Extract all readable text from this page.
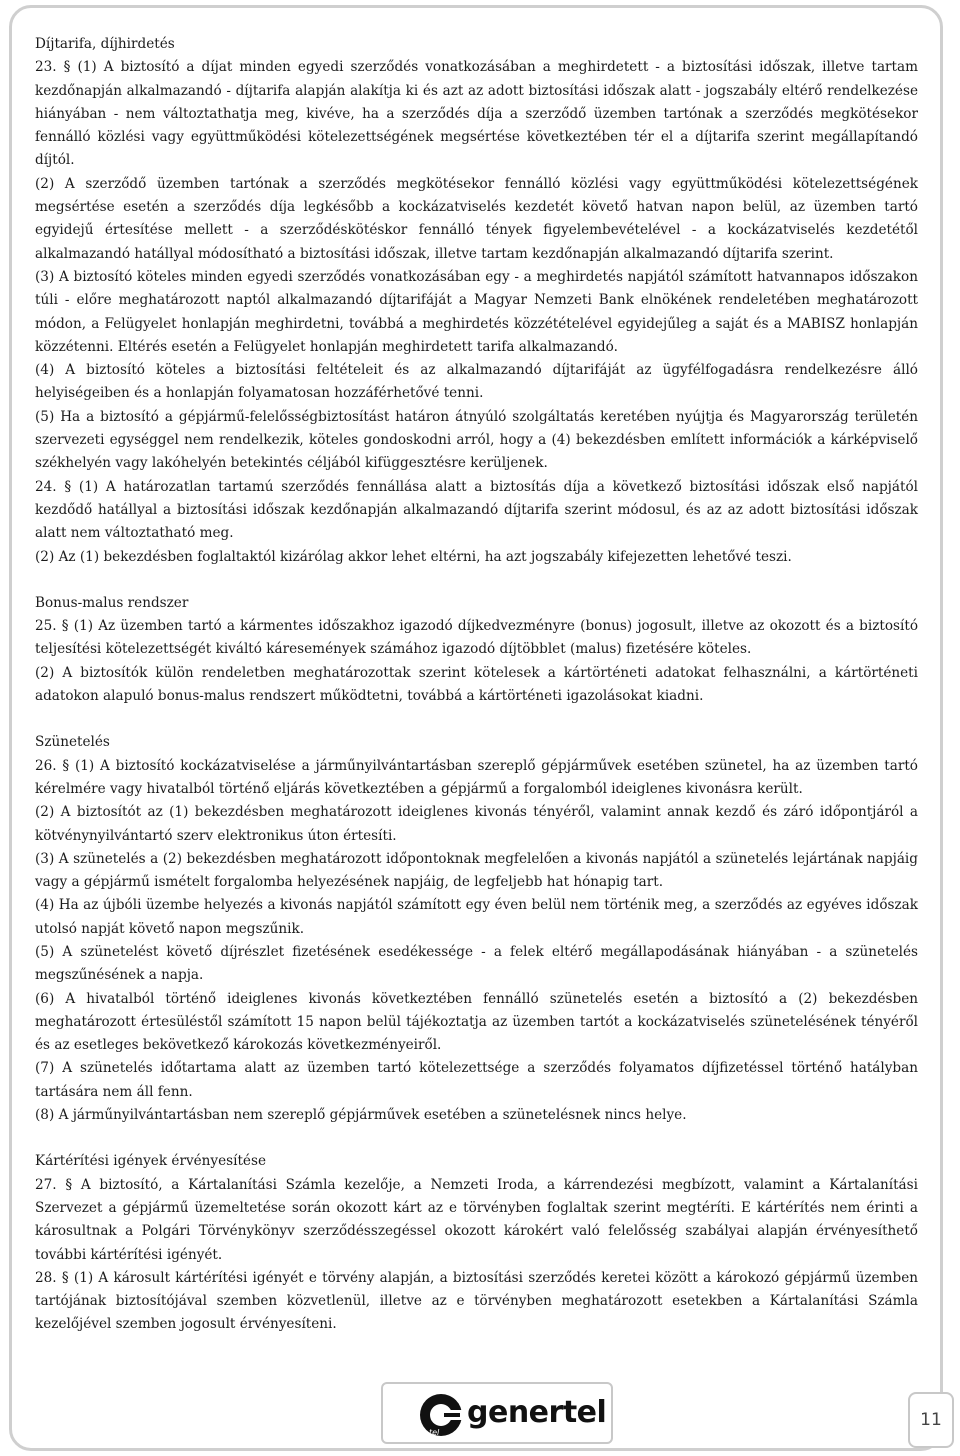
Díjtarifa, díjhirdetés

23. § (1) A biztosító a díjat minden egyedi szerződés vonatkozásában a meghirdetett - a biztosítási időszak, illetve tartam kezdőnapján alkalmazandó - díjtarifa alapján alakítja ki és azt az adott biztosítási időszak alatt - jogszabály eltérő rendelkezése hiányában - nem változtathatja meg, kivéve, ha a szerződés díja a szerződő üzemben tartónak a szerződés megkötésekor fennálló közlési vagy együttműködési kötelezettségének megsértése következtében tér el a díjtarifa szerint megállapítandó díjtól.

(2) A szerződő üzemben tartónak a szerződés megkötésekor fennálló közlési vagy együttműködési kötelezettségének megsértése esetén a szerződés díja legkésőbb a kockázatviselés kezdetét követő hatvan napon belül, az üzemben tartó egyidejű értesítése mellett - a szerződéskötéskor fennálló tények figyelembevételével - a kockázatviselés kezdetétől alkalmazandó hatállyal módosítható a biztosítási időszak, illetve tartam kezdőnapján alkalmazandó díjtarifa szerint.

(3) A biztosító köteles minden egyedi szerződés vonatkozásában egy - a meghirdetés napjától számított hatvannapos időszakon túli - előre meghatározott naptól alkalmazandó díjtarifáját a Magyar Nemzeti Bank elnökének rendeletében meghatározott módon, a Felügyelet honlapján meghirdetni, továbbá a meghirdetés közzétételével egyidejűleg a saját és a MABISZ honlapján közzétenni. Eltérés esetén a Felügyelet honlapján meghirdetett tarifa alkalmazandó.

(4) A biztosító köteles a biztosítási feltételeit és az alkalmazandó díjtarifáját az ügyfélfogadásra rendelkezésre álló helyiségeiben és a honlapján folyamatosan hozzáférhetővé tenni.

(5) Ha a biztosító a gépjármű-felelősségbiztosítást határon átnyúló szolgáltatás keretében nyújtja és Magyarország területén szervezeti egységgel nem rendelkezik, köteles gondoskodni arról, hogy a (4) bekezdésben említett információk a kárképviselő székhelyén vagy lakóhelyén betekintés céljából kifüggesztésre kerüljenek.

24. § (1) A határozatlan tartamú szerződés fennállása alatt a biztosítás díja a következő biztosítási időszak első napjától kezdődő hatállyal a biztosítási időszak kezdőnapján alkalmazandó díjtarifa szerint módosul, és az az adott biztosítási időszak alatt nem változtatható meg.

(2) Az (1) bekezdésben foglaltaktól kizárólag akkor lehet eltérni, ha azt jogszabály kifejezetten lehetővé teszi.

Bonus-malus rendszer

25. § (1) Az üzemben tartó a kármentes időszakhoz igazodó díjkedvezményre (bonus) jogosult, illetve az okozott és a biztosító teljesítési kötelezettségét kiváltó káresemények számához igazodó díjtöbblet (malus) fizetésére köteles.

(2) A biztosítók külön rendeletben meghatározottak szerint kötelesek a kártörténeti adatokat felhasználni, a kártörténeti adatokon alapuló bonus-malus rendszert működtetni, továbbá a kártörténeti igazolásokat kiadni.

Szünetelés

26. § (1) A biztosító kockázatviselése a járműnyilvántartásban szereplő gépjárművek esetében szünetel, ha az üzemben tartó kérelmére vagy hivatalból történő eljárás következtében a gépjármű a forgalomból ideiglenes kivonásra került.

(2) A biztosítót az (1) bekezdésben meghatározott ideiglenes kivonás tényéről, valamint annak kezdő és záró időpontjáról a kötvénynyilvántartó szerv elektronikus úton értesíti.

(3) A szünetelés a (2) bekezdésben meghatározott időpontoknak megfelelően a kivonás napjától a szünetelés lejártának napjáig vagy a gépjármű ismételt forgalomba helyezésének napjáig, de legfeljebb hat hónapig tart.

(4) Ha az újbóli üzembe helyezés a kivonás napjától számított egy éven belül nem történik meg, a szerződés az egyéves időszak utolsó napját követő napon megszűnik.

(5) A szünetelést követő díjrészlet fizetésének esedékessége - a felek eltérő megállapodásának hiányában - a szünetelés megszűnésének a napja.

(6) A hivatalból történő ideiglenes kivonás következtében fennálló szünetelés esetén a biztosító a (2) bekezdésben meghatározott értesüléstől számított 15 napon belül tájékoztatja az üzemben tartót a kockázatviselés szünetelésének tényéről és az esetleges bekövetkező károkozás következményeiről.

(7) A szünetelés időtartama alatt az üzemben tartó kötelezettsége a szerződés folyamatos díjfizetéssel történő hatályban tartására nem áll fenn.

(8) A járműnyilvántartásban nem szereplő gépjárművek esetében a szünetelésnek nincs helye.

Kártérítési igények érvényesítése

27. § A biztosító, a Kártalanítási Számla kezelője, a Nemzeti Iroda, a kárrendezési megbízott, valamint a Kártalanítási Szervezet a gépjármű üzemeltetése során okozott kárt az e törvényben foglaltak szerint megtéríti. E kártérítés nem érinti a károsultnak a Polgári Törvénykönyv szerződésszegéssel okozott károkért való felelősség szabályai alapján érvényesíthető további kártérítési igényét.

28. § (1) A károsult kártérítési igényét e törvény alapján, a biztosítási szerződés keretei között a károkozó gépjármű üzemben tartójának biztosítójával szemben közvetlenül, illetve az e törvényben meghatározott esetekben a Kártalanítási Számla kezelőjével szemben jogosult érvényesíteni.

tel
genertel	11
